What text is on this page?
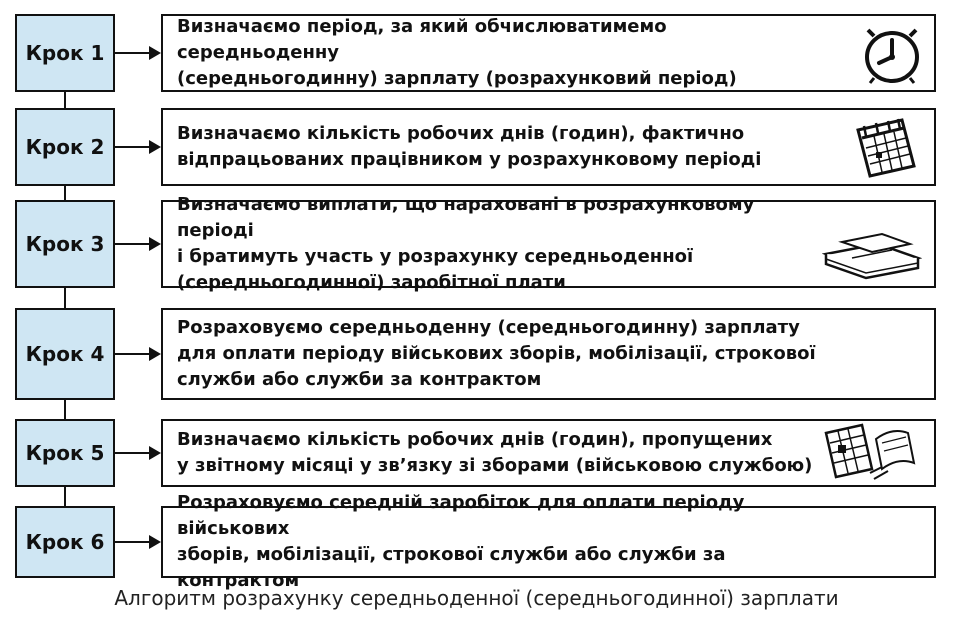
Крок 1
Визначаємо період, за який обчислюватимемо середньоденну
(середньогодинну) зарплату (розрахунковий період)
Крок 2
Визначаємо кількість робочих днів (годин), фактично
відпрацьованих працівником у розрахунковому періоді
Крок 3
Визначаємо виплати, що нараховані в розрахунковому періоді
і братимуть участь у розрахунку середньоденної
(середньогодинної) заробітної плати
Крок 4
Розраховуємо середньоденну (середньогодинну) зарплату
для оплати періоду військових зборів, мобілізації, строкової
служби або служби за контрактом
Крок 5
Визначаємо кількість робочих днів (годин), пропущених
у звітному місяці у зв’язку зі зборами (військовою службою)
Крок 6
Розраховуємо середній заробіток для оплати періоду військових
зборів, мобілізації, строкової служби або служби за контрактом
Алгоритм розрахунку середньоденної (середньогодинної) зарплати
